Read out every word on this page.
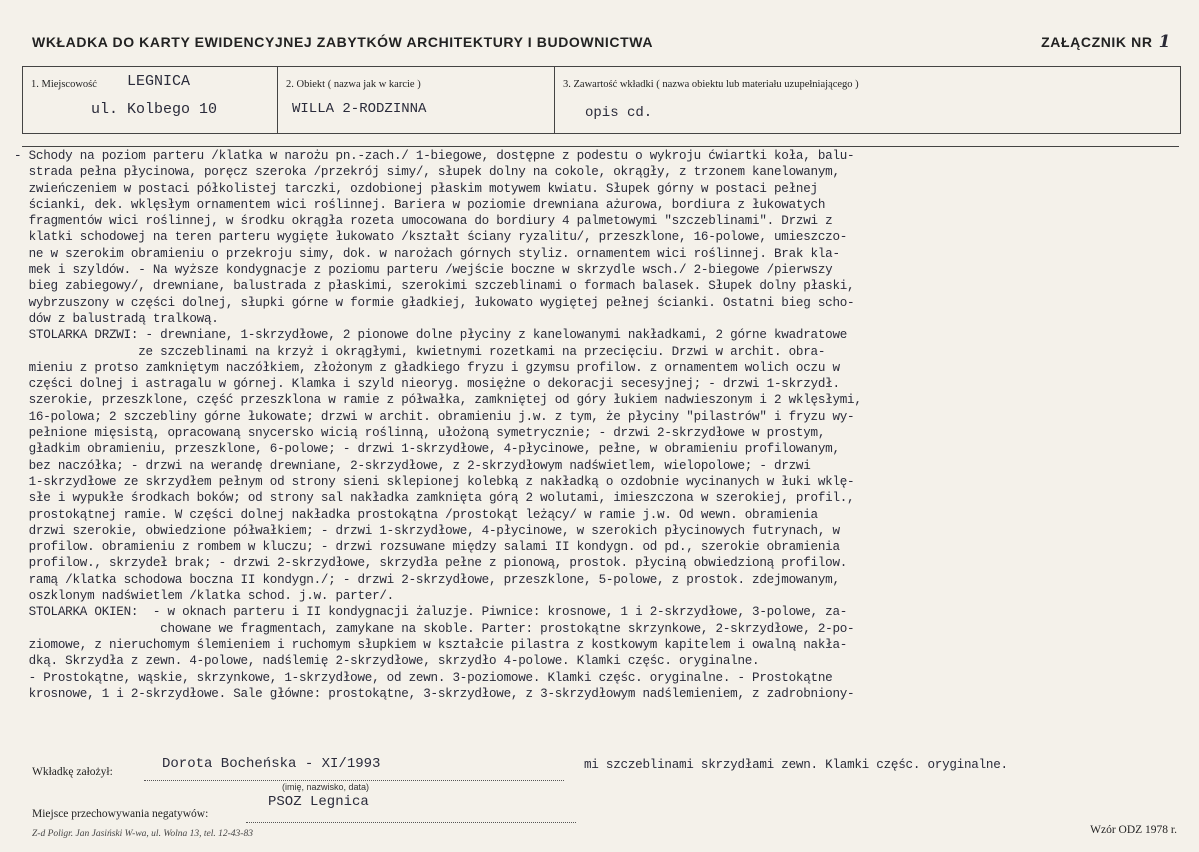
WKŁADKA DO KARTY EWIDENCYJNEJ ZABYTKÓW ARCHITEKTURY I BUDOWNICTWA	ZAŁĄCZNIK NR 1
1. Miejscowość LEGNICA
ul. Kolbego 10
2. Obiekt ( nazwa jak w karcie )
WILLA 2-RODZINNA
3. Zawartość wkładki ( nazwa obiektu lub materiału uzupełniającego )
opis cd.
- Schody na poziom parteru /klatka w narożu pn.-zach./ 1-biegowe, dostępne z podestu o wykroju ćwiartki koła, balu-
strada pełna płycinowa, poręcz szeroka /przekrój simy/, słupek dolny na cokole, okrągły, z trzonem kanelowanym,
zwieńczeniem w postaci półkolistej tarczki, ozdobionej płaskim motywem kwiatu. Słupek górny w postaci pełnej
ścianki, dek. wklęsłym ornamentem wici roślinnej. Bariera w poziomie drewniana ażurowa, bordiura z łukowatych
fragmentów wici roślinnej, w środku okrągła rozeta umocowana do bordiury 4 palmetowymi "szczeblinami". Drzwi z
klatki schodowej na teren parteru wygięte łukowato /kształt ściany ryzalitu/, przeszklone, 16-polowe, umieszczo-
ne w szerokim obramieniu o przekroju simy, dok. w narożach górnych styliz. ornamentem wici roślinnej. Brak kla-
mek i szyldów. - Na wyższe kondygnacje z poziomu parteru /wejście boczne w skrzydle wsch./ 2-biegowe /pierwszy
bieg zabiegowy/, drewniane, balustrada z płaskimi, szerokimi szczeblinami o formach balasek. Słupek dolny płaski,
wybrzuszony w części dolnej, słupki górne w formie gładkiej, łukowato wygiętej pełnej ścianki. Ostatni bieg scho-
dów z balustradą tralkową.
STOLARKA DRZWI: - drewniane, 1-skrzydłowe, 2 pionowe dolne płyciny z kanelowanymi nakładkami, 2 górne kwadratowe
ze szczeblinami na krzyż i okrągłymi, kwietnymi rozetkami na przecięciu. Drzwi w archit. obra-
mieniu z protso zamkniętym naczółkiem, złożonym z gładkiego fryzu i gzymsu profilow. z ornamentem wolich oczu w
części dolnej i astragalu w górnej. Klamka i szyld nieoryg. mosiężne o dekoracji secesyjnej; - drzwi 1-skrzydł.
szerokie, przeszklone, część przeszklona w ramie z półwałka, zamkniętej od góry łukiem nadwieszonym i 2 wklęsłymi,
16-polowa; 2 szczebliny górne łukowate; drzwi w archit. obramieniu j.w. z tym, że płyciny "pilastrów" i fryzu wy-
pełnione mięsistą, opracowaną snycersko wicią roślinną, ułożoną symetrycznie; - drzwi 2-skrzydłowe w prostym,
gładkim obramieniu, przeszklone, 6-polowe; - drzwi 1-skrzydłowe, 4-płycinowe, pełne, w obramieniu profilowanym,
bez naczółka; - drzwi na werandę drewniane, 2-skrzydłowe, z 2-skrzydłowym nadświetlem, wielopolowe; - drzwi
1-skrzydłowe ze skrzydłem pełnym od strony sieni sklepionej kolebką z nakładką o ozdobnie wycinanych w łuki wklę-
słe i wypukłe środkach boków; od strony sal nakładka zamknięta górą 2 wolutami, imieszczona w szerokiej, profil.,
prostokątnej ramie. W części dolnej nakładka prostokątna /prostokąt leżący/ w ramie j.w. Od wewn. obramienia
drzwi szerokie, obwiedzione półwałkiem; - drzwi 1-skrzydłowe, 4-płycinowe, w szerokich płycinowych futrynach, w
profilow. obramieniu z rombem w kluczu; - drzwi rozsuwane między salami II kondygn. od pd., szerokie obramienia
profilow., skrzydeł brak; - drzwi 2-skrzydłowe, skrzydła pełne z pionową, prostok. płyciną obwiedzioną profilow.
ramą /klatka schodowa boczna II kondygn./; - drzwi 2-skrzydłowe, przeszklone, 5-polowe, z prostok. zdejmowanym,
oszklonym nadświetlem /klatka schod. j.w. parter/.
STOLARKA OKIEN:  - w oknach parteru i II kondygnacji żaluzje. Piwnice: krosnowe, 1 i 2-skrzydłowe, 3-polowe, za-
chowane we fragmentach, zamykane na skoble. Parter: prostokątne skrzynkowe, 2-skrzydłowe, 2-po-
ziomowe, z nieruchomym ślemieniem i ruchomym słupkiem w kształcie pilastra z kostkowym kapitelem i owalną nakła-
dką. Skrzydła z zewn. 4-polowe, nadślemię 2-skrzydłowe, skrzydło 4-polowe. Klamki częśc. oryginalne.
- Prostokątne, wąskie, skrzynkowe, 1-skrzydłowe, od zewn. 3-poziomowe. Klamki częśc. oryginalne. - Prostokątne
krosnowe, 1 i 2-skrzydłowe. Sale główne: prostokątne, 3-skrzydłowe, z 3-skrzydłowym nadślemieniem, z zadrobniony-
Wkładkę założył:	Dorota Bocheńska - XI/1993
(imię, nazwisko, data)
mi szczeblinami skrzydłami zewn. Klamki częśc. oryginalne.
Miejsce przechowywania negatywów:
PSOZ Legnica
Z-d Poligr. Jan Jasiński W-wa, ul. Wolna 13, tel. 12-43-83	Wzór ODZ 1978 r.
